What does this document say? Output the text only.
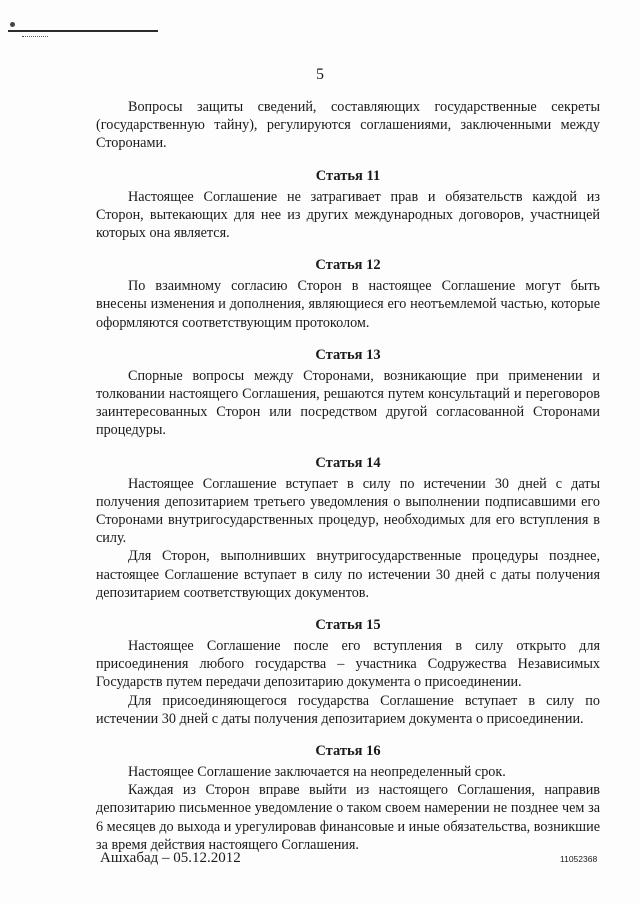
5

Вопросы защиты сведений, составляющих государственные секреты (государственную тайну), регулируются соглашениями, заключенными между Сторонами.

Статья 11

Настоящее Соглашение не затрагивает прав и обязательств каждой из Сторон, вытекающих для нее из других международных договоров, участницей которых она является.

Статья 12

По взаимному согласию Сторон в настоящее Соглашение могут быть внесены изменения и дополнения, являющиеся его неотъемлемой частью, которые оформляются соответствующим протоколом.

Статья 13

Спорные вопросы между Сторонами, возникающие при применении и толковании настоящего Соглашения, решаются путем консультаций и переговоров заинтересованных Сторон или посредством другой согласованной Сторонами процедуры.

Статья 14

Настоящее Соглашение вступает в силу по истечении 30 дней с даты получения депозитарием третьего уведомления о выполнении подписавшими его Сторонами внутригосударственных процедур, необходимых для его вступления в силу.

Для Сторон, выполнивших внутригосударственные процедуры позднее, настоящее Соглашение вступает в силу по истечении 30 дней с даты получения депозитарием соответствующих документов.

Статья 15

Настоящее Соглашение после его вступления в силу открыто для присоединения любого государства – участника Содружества Независимых Государств путем передачи депозитарию документа о присоединении.

Для присоединяющегося государства Соглашение вступает в силу по истечении 30 дней с даты получения депозитарием документа о присоединении.

Статья 16

Настоящее Соглашение заключается на неопределенный срок.

Каждая из Сторон вправе выйти из настоящего Соглашения, направив депозитарию письменное уведомление о таком своем намерении не позднее чем за 6 месяцев до выхода и урегулировав финансовые и иные обязательства, возникшие за время действия настоящего Соглашения.

Ашхабад – 05.12.2012	11052368
